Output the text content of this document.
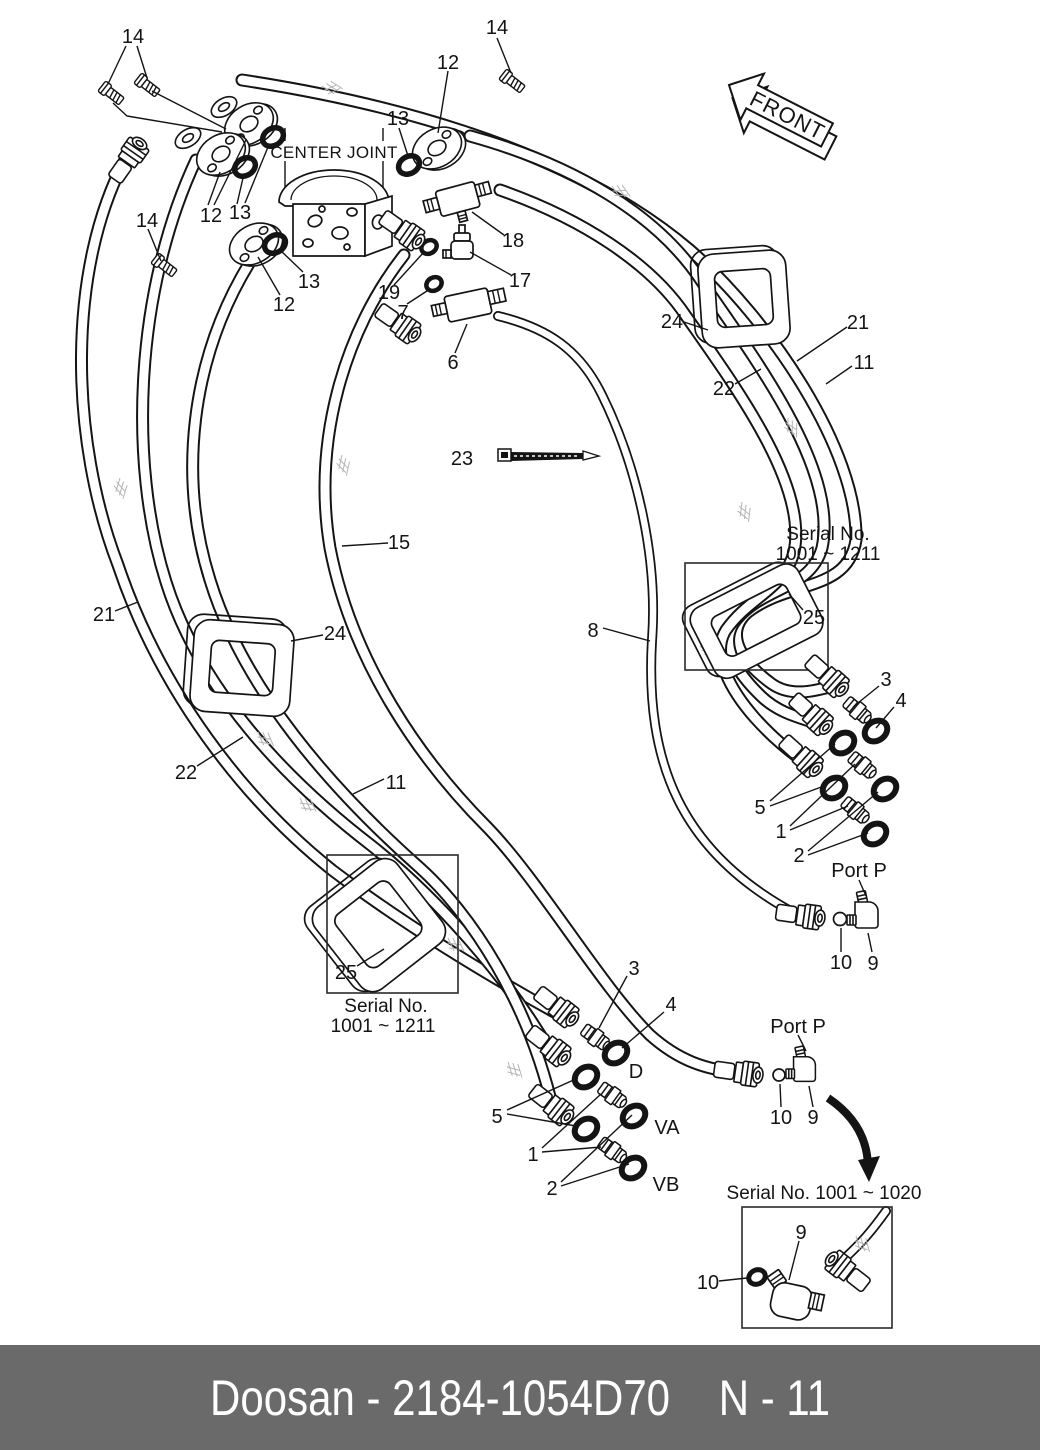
FRONT
CENTER JOINT
14	14
12
13
13
12
14
13
12
18
17
19
7
6
23
24	21
11
22
15
21
24	8
22	11
25
3
4
5
1
2
Port P
10 9
25
Serial No.
1001 ~ 1211
Serial No.
1001 ~ 1211
3
4
D
5	VA
1
2	VB
Port P
10 9
Serial No. 1001 ~ 1020
9
10
Doosan - 2184-1054D70 N - 11
